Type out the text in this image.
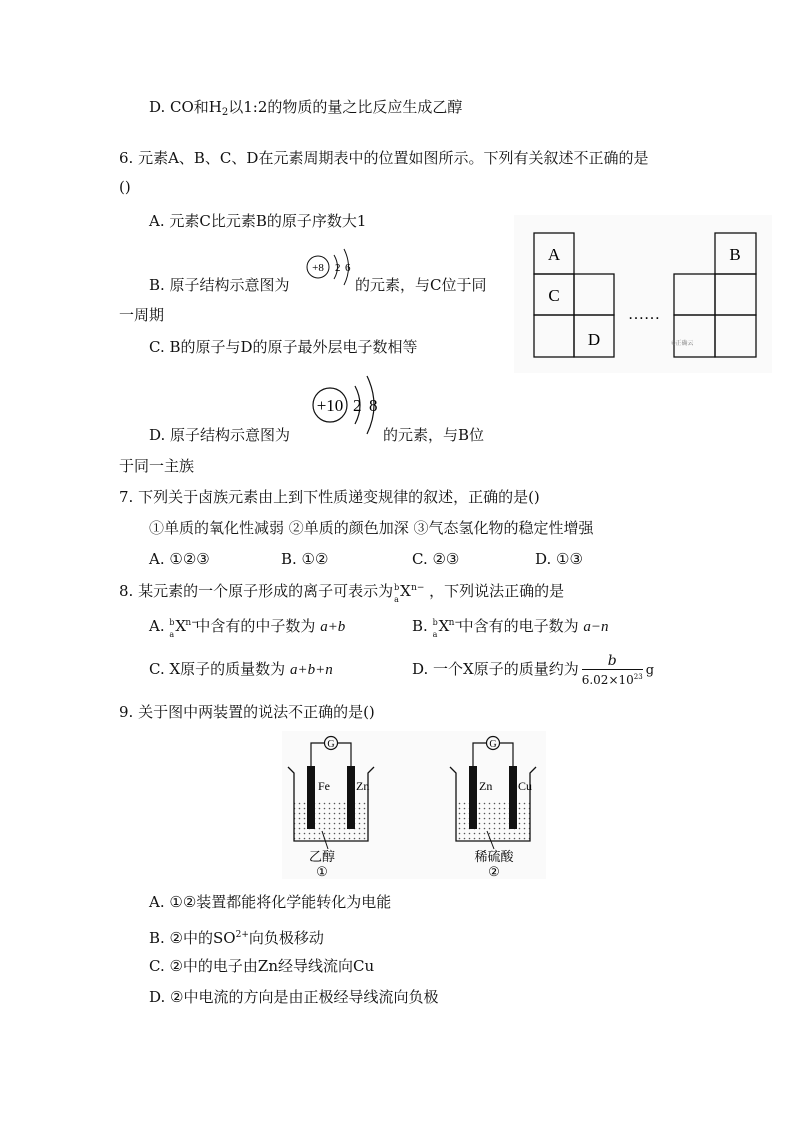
D. CO和$H_2$以1:2的物质的量之比反应生成乙醇
6. 元素A、B、C、D在元素周期表中的位置如图所示。下列有关叙述不正确的是
()
A. 元素C比元素B的原子序数大1
B. 原子结构示意图为
+8 2 6
的元素，与C位于同
一周期
C. B的原子与D的原子最外层电子数相等
+10 2 8
D. 原子结构示意图为	的元素，与B位
于同一主族
A
C
D
B
……
©正确云
7. 下列关于卤族元素由上到下性质递变规律的叙述，正确的是()
①单质的氧化性减弱 ②单质的颜色加深 ③气态氢化物的稳定性增强
A. ①②③	B. ①②	C. ②③	D. ①③
8. 某元素的一个原子形成的离子可表示为 b
a X n− ，下列说法正确的是
A. b
a X n−
中含有的中子数为 a+b	B. b
a X n−
中含有的电子数为 a−n
C. X原子的质量数为 a+b+n	D. 一个X原子的质量约为 $\frac{b}{6.02\times 10^{23}}$ g
9. 关于图中两装置的说法不正确的是()
G
Fe Zn
乙醇
①
G
Zn Cu
稀硫酸
②
A. ①②装置都能将化学能转化为电能
B. ②中的$SO^{2+}$向负极移动
C. ②中的电子由Zn经导线流向Cu
D. ②中电流的方向是由正极经导线流向负极
